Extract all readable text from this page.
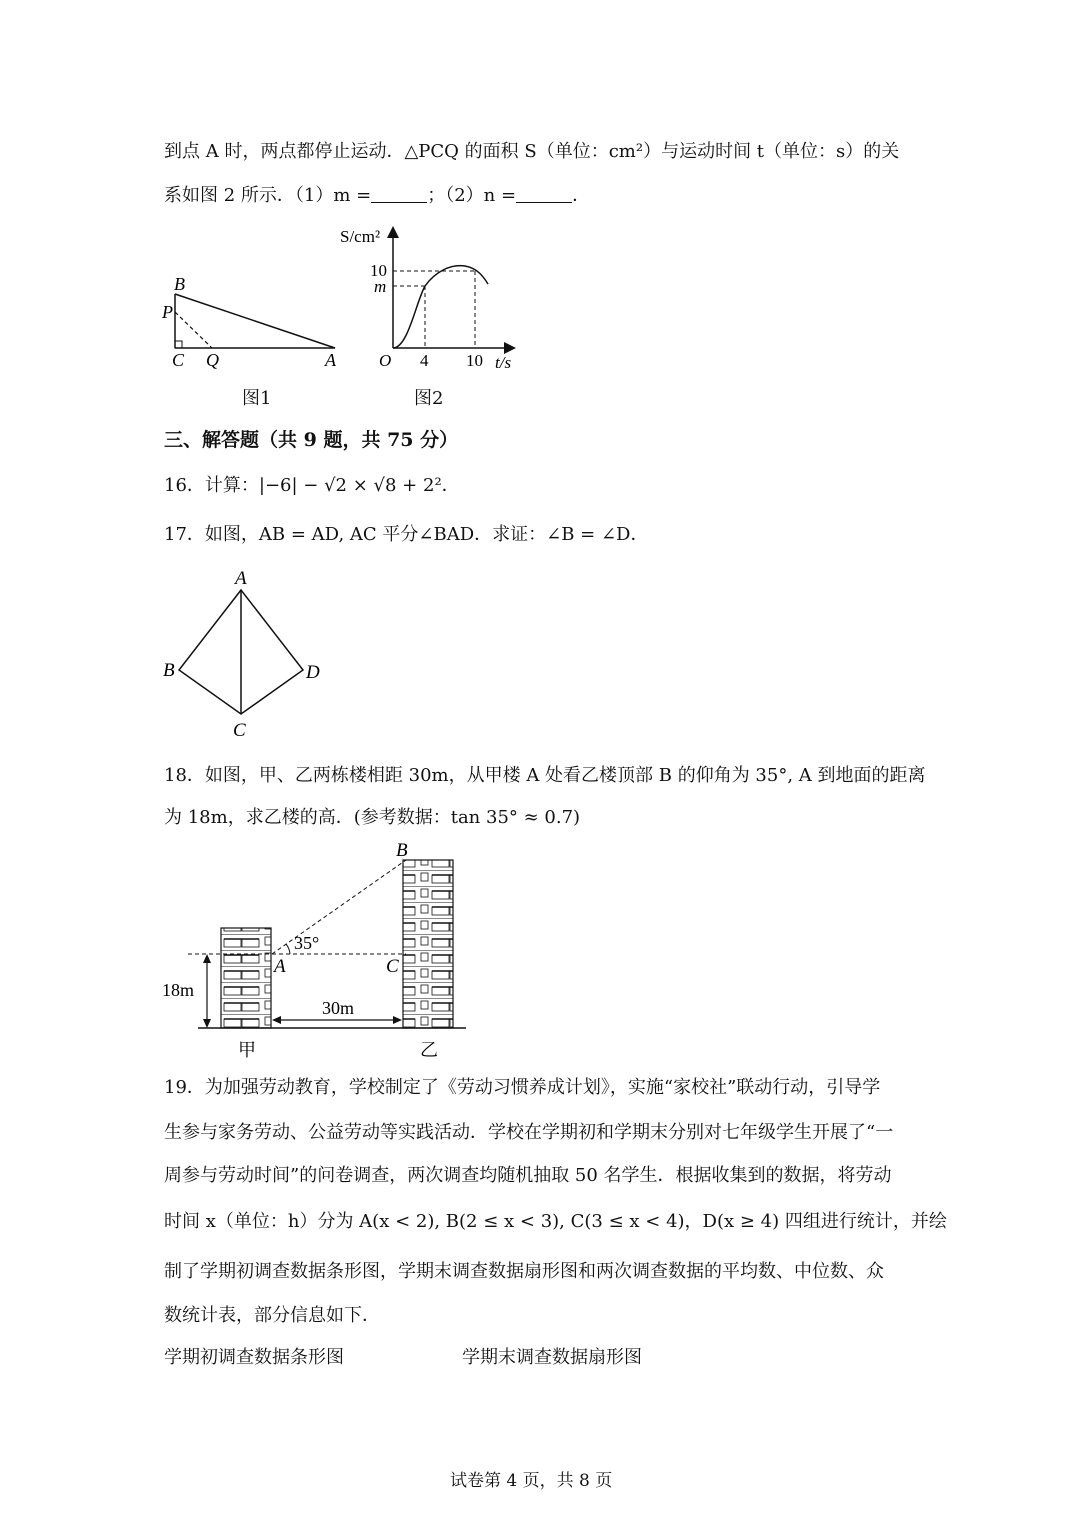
到点 A 时，两点都停止运动．△PCQ 的面积 S（单位：cm²）与运动时间 t（单位：s）的关
系如图 2 所示．（1）m =	；（2）n =	．
B
P
C Q	A
图1
S/cm²
10
m
O 4 10 t/s
图2
三、解答题（共 9 题，共 75 分）
16．计算：|−6| − √2 × √8 + 2²．
17．如图，AB = AD, AC 平分∠BAD．求证：∠B = ∠D．
A
B
C
D
18．如图，甲、乙两栋楼相距 30m，从甲楼 A 处看乙楼顶部 B 的仰角为 35°, A 到地面的距离
为 18m，求乙楼的高．(参考数据：tan 35° ≈ 0.7)
B
A	C
35°
18m
30m
甲	乙
19．为加强劳动教育，学校制定了《劳动习惯养成计划》，实施“家校社”联动行动，引导学
生参与家务劳动、公益劳动等实践活动．学校在学期初和学期末分别对七年级学生开展了“一
周参与劳动时间”的问卷调查，两次调查均随机抽取 50 名学生．根据收集到的数据，将劳动
时间 x（单位：h）分为 A(x < 2), B(2 ≤ x < 3), C(3 ≤ x < 4)，D(x ≥ 4) 四组进行统计，并绘
制了学期初调查数据条形图，学期末调查数据扇形图和两次调查数据的平均数、中位数、众
数统计表，部分信息如下．
学期初调查数据条形图	学期末调查数据扇形图
试卷第 4 页，共 8 页
